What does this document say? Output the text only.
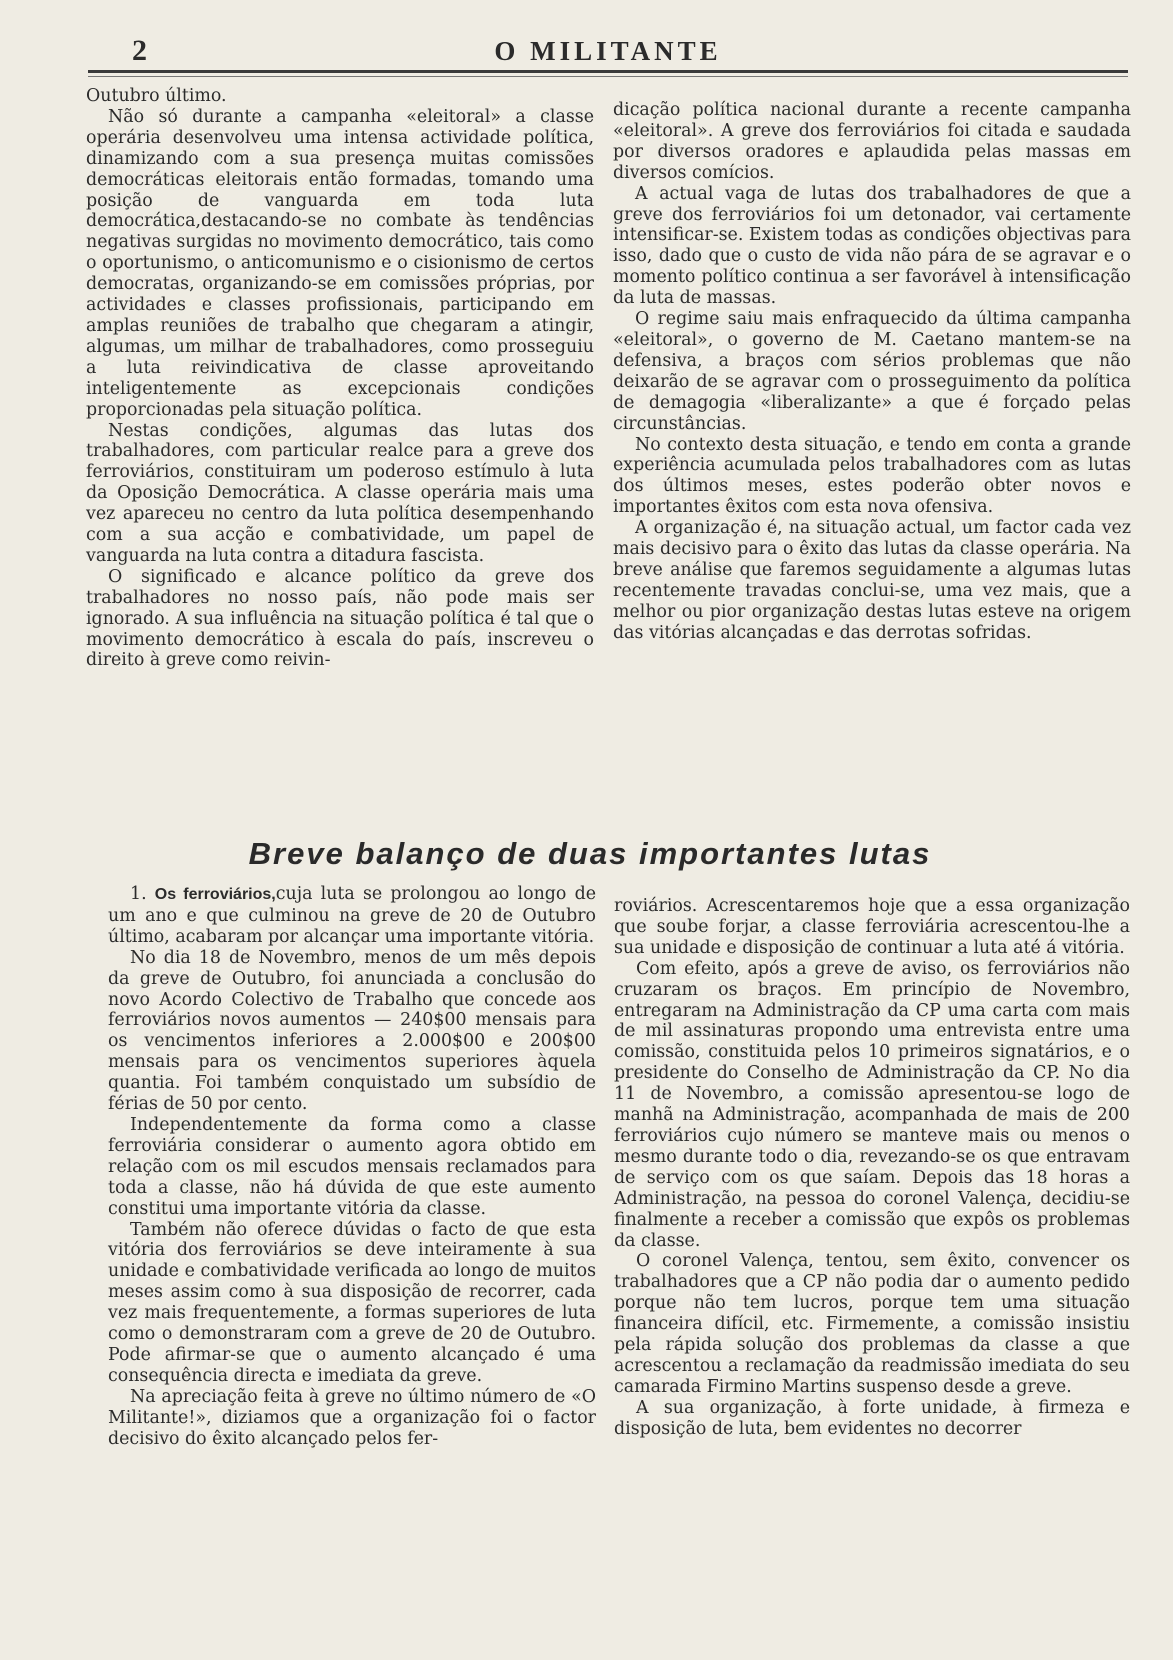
2	O MILITANTE

Outubro último.

Não só durante a campanha «eleitoral» a classe operária desenvolveu uma intensa actividade política, dinamizando com a sua presença muitas comissões democráticas eleitorais então formadas, tomando uma posição de vanguarda em toda luta democrática,destacando-se no combate às tendências negativas surgidas no movimento democrático, tais como o oportunismo, o anticomunismo e o cisionismo de certos democratas, organizando-se em comissões próprias, por actividades e classes profissionais, participando em amplas reuniões de trabalho que chegaram a atingir, algumas, um milhar de trabalhadores, como prosseguiu a luta reivindicativa de classe aproveitando inteligentemente as excepcionais condições proporcionadas pela situação política.

Nestas condições, algumas das lutas dos trabalhadores, com particular realce para a greve dos ferroviários, constituiram um poderoso estímulo à luta da Oposição Democrática. A classe operária mais uma vez apareceu no centro da luta política desempenhando com a sua acção e combatividade, um papel de vanguarda na luta contra a ditadura fascista.

O significado e alcance político da greve dos trabalhadores no nosso país, não pode mais ser ignorado. A sua influência na situação política é tal que o movimento democrático à escala do país, inscreveu o direito à greve como reivin-

dicação política nacional durante a recente campanha «eleitoral». A greve dos ferroviários foi citada e saudada por diversos oradores e aplaudida pelas massas em diversos comícios.

A actual vaga de lutas dos trabalhadores de que a greve dos ferroviários foi um detonador, vai certamente intensificar-se. Existem todas as condições objectivas para isso, dado que o custo de vida não pára de se agravar e o momento político continua a ser favorável à intensificação da luta de massas.

O regime saiu mais enfraquecido da última campanha «eleitoral», o governo de M. Caetano mantem-se na defensiva, a braços com sérios problemas que não deixarão de se agravar com o prosseguimento da política de demagogia «liberalizante» a que é forçado pelas circunstâncias.

No contexto desta situação, e tendo em conta a grande experiência acumulada pelos trabalhadores com as lutas dos últimos meses, estes poderão obter novos e importantes êxitos com esta nova ofensiva.

A organização é, na situação actual, um factor cada vez mais decisivo para o êxito das lutas da classe operária. Na breve análise que faremos seguidamente a algumas lutas recentemente travadas conclui-se, uma vez mais, que a melhor ou pior organização destas lutas esteve na origem das vitórias alcançadas e das derrotas sofridas.

Breve balanço de duas importantes lutas

1. Os ferroviários,cuja luta se prolongou ao longo de um ano e que culminou na greve de 20 de Outubro último, acabaram por alcançar uma importante vitória.

No dia 18 de Novembro, menos de um mês depois da greve de Outubro, foi anunciada a conclusão do novo Acordo Colectivo de Trabalho que concede aos ferroviários novos aumentos — 240$00 mensais para os vencimentos inferiores a 2.000$00 e 200$00 mensais para os vencimentos superiores àquela quantia. Foi também conquistado um subsídio de férias de 50 por cento.

Independentemente da forma como a classe ferroviária considerar o aumento agora obtido em relação com os mil escudos mensais reclamados para toda a classe, não há dúvida de que este aumento constitui uma importante vitória da classe.

Também não oferece dúvidas o facto de que esta vitória dos ferroviários se deve inteiramente à sua unidade e combatividade verificada ao longo de muitos meses assim como à sua disposição de recorrer, cada vez mais frequentemente, a formas superiores de luta como o demonstraram com a greve de 20 de Outubro. Pode afirmar-se que o aumento alcançado é uma consequência directa e imediata da greve.

Na apreciação feita à greve no último número de «O Militante!», diziamos que a organização foi o factor decisivo do êxito alcançado pelos fer-

roviários. Acrescentaremos hoje que a essa organização que soube forjar, a classe ferroviária acrescentou-lhe a sua unidade e disposição de continuar a luta até á vitória.

Com efeito, após a greve de aviso, os ferroviários não cruzaram os braços. Em princípio de Novembro, entregaram na Administração da CP uma carta com mais de mil assinaturas propondo uma entrevista entre uma comissão, constituida pelos 10 primeiros signatários, e o presidente do Conselho de Administração da CP. No dia 11 de Novembro, a comissão apresentou-se logo de manhã na Administração, acompanhada de mais de 200 ferroviários cujo número se manteve mais ou menos o mesmo durante todo o dia, revezando-se os que entravam de serviço com os que saíam. Depois das 18 horas a Administração, na pessoa do coronel Valença, decidiu-se finalmente a receber a comissão que expôs os problemas da classe.

O coronel Valença, tentou, sem êxito, convencer os trabalhadores que a CP não podia dar o aumento pedido porque não tem lucros, porque tem uma situação financeira difícil, etc. Firmemente, a comissão insistiu pela rápida solução dos problemas da classe a que acrescentou a reclamação da readmissão imediata do seu camarada Firmino Martins suspenso desde a greve.

A sua organização, à forte unidade, à firmeza e disposição de luta, bem evidentes no decorrer
